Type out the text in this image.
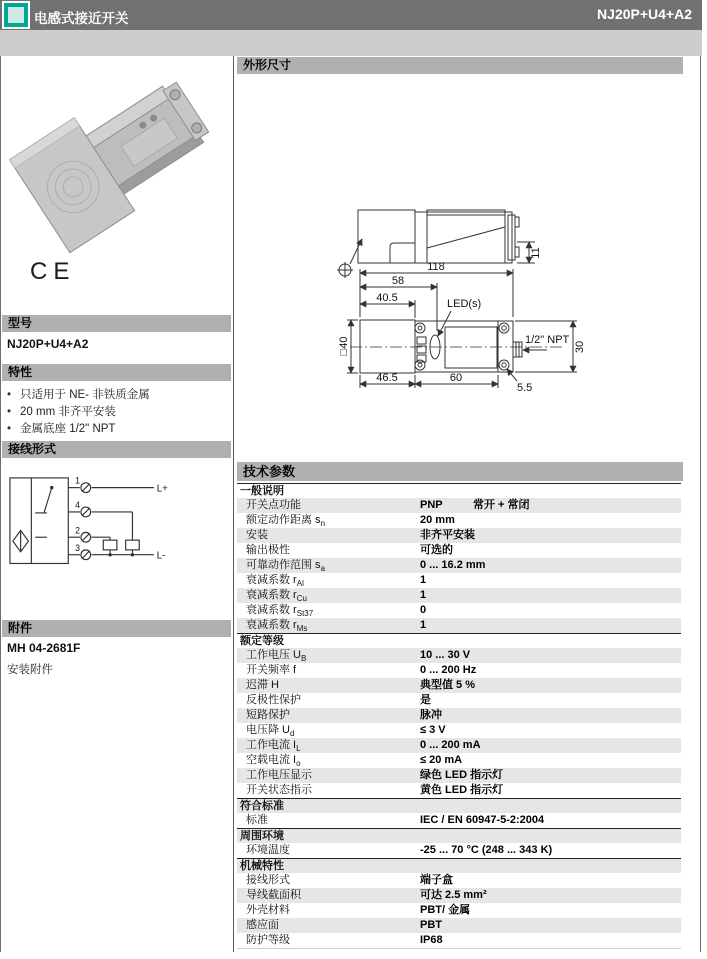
电感式接近开关	NJ20P+U4+A2
CE
型号
NJ20P+U4+A2
特性
• 只适用于 NE- 非铁质金属
• 20 mm 非齐平安装
• 金属底座 1/2" NPT
接线形式
1
4
2
3
L+
L-
附件
MH 04-2681F
安装附件
外形尺寸
118
58
40.5	LED(s)
□40	1/2" NPT
30
11
46.5	60
5.5
技术参数
一般说明
开关点功能	PNP	常开 + 常闭
额定动作距离 $s_n$	20 mm
安装	非齐平安装
输出极性	可选的
可靠动作范围 $s_a$	0 ... 16.2 mm
衰减系数 $r_{Al}$	1
衰减系数 $r_{Cu}$	1
衰减系数 $r_{St37}$	0
衰减系数 $r_{Ms}$	1
额定等级
工作电压 $U_B$	10 ... 30 V
开关频率 f	0 ... 200 Hz
迟滞 H	典型值 5 %
反极性保护	是
短路保护	脉冲
电压降 $U_d$	≤ 3 V
工作电流 $I_L$	0 ... 200 mA
空载电流 $I_o$	≤ 20 mA
工作电压显示	绿色 LED 指示灯
开关状态指示	黄色 LED 指示灯
符合标准
标准	IEC / EN 60947-5-2:2004
周围环境
环境温度	-25 ... 70 °C (248 ... 343 K)
机械特性
接线形式	端子盒
导线截面积	可达 2.5 mm²
外壳材料	PBT/ 金属
感应面	PBT
防护等级	IP68
